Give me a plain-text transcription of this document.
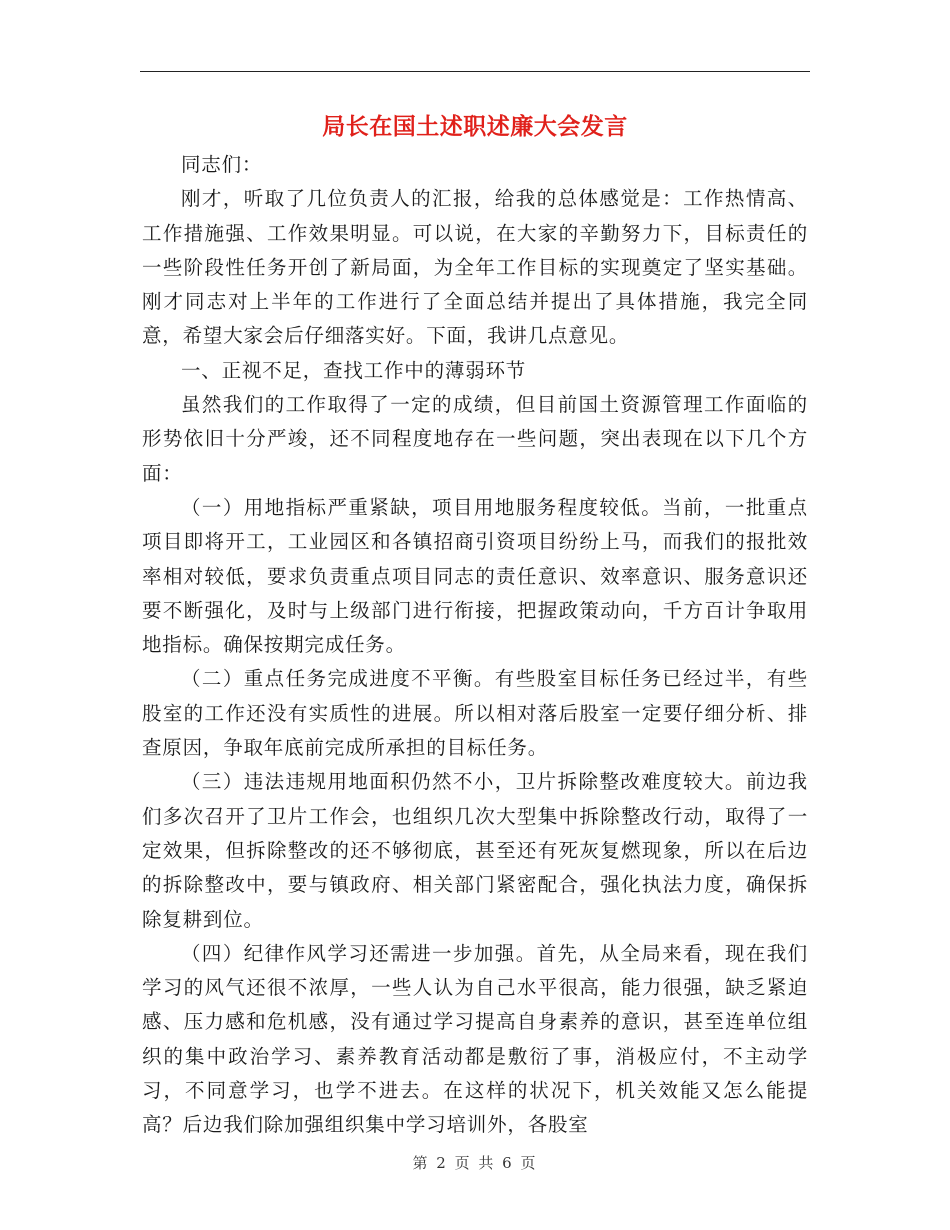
局长在国土述职述廉大会发言

同志们：

刚才，听取了几位负责人的汇报，给我的总体感觉是：工作热情高、工作措施强、工作效果明显。可以说，在大家的辛勤努力下，目标责任的一些阶段性任务开创了新局面，为全年工作目标的实现奠定了坚实基础。刚才同志对上半年的工作进行了全面总结并提出了具体措施，我完全同意，希望大家会后仔细落实好。下面，我讲几点意见。

一、正视不足，查找工作中的薄弱环节

虽然我们的工作取得了一定的成绩，但目前国土资源管理工作面临的形势依旧十分严竣，还不同程度地存在一些问题，突出表现在以下几个方面：

（一）用地指标严重紧缺，项目用地服务程度较低。当前，一批重点项目即将开工，工业园区和各镇招商引资项目纷纷上马，而我们的报批效率相对较低，要求负责重点项目同志的责任意识、效率意识、服务意识还要不断强化，及时与上级部门进行衔接，把握政策动向，千方百计争取用地指标。确保按期完成任务。

（二）重点任务完成进度不平衡。有些股室目标任务已经过半，有些股室的工作还没有实质性的进展。所以相对落后股室一定要仔细分析、排查原因，争取年底前完成所承担的目标任务。

（三）违法违规用地面积仍然不小，卫片拆除整改难度较大。前边我们多次召开了卫片工作会，也组织几次大型集中拆除整改行动，取得了一定效果，但拆除整改的还不够彻底，甚至还有死灰复燃现象，所以在后边的拆除整改中，要与镇政府、相关部门紧密配合，强化执法力度，确保拆除复耕到位。

（四）纪律作风学习还需进一步加强。首先，从全局来看，现在我们学习的风气还很不浓厚，一些人认为自己水平很高，能力很强，缺乏紧迫感、压力感和危机感，没有通过学习提高自身素养的意识，甚至连单位组织的集中政治学习、素养教育活动都是敷衍了事，消极应付，不主动学习，不同意学习，也学不进去。在这样的状况下，机关效能又怎么能提高？后边我们除加强组织集中学习培训外，各股室

第 2 页 共 6 页
